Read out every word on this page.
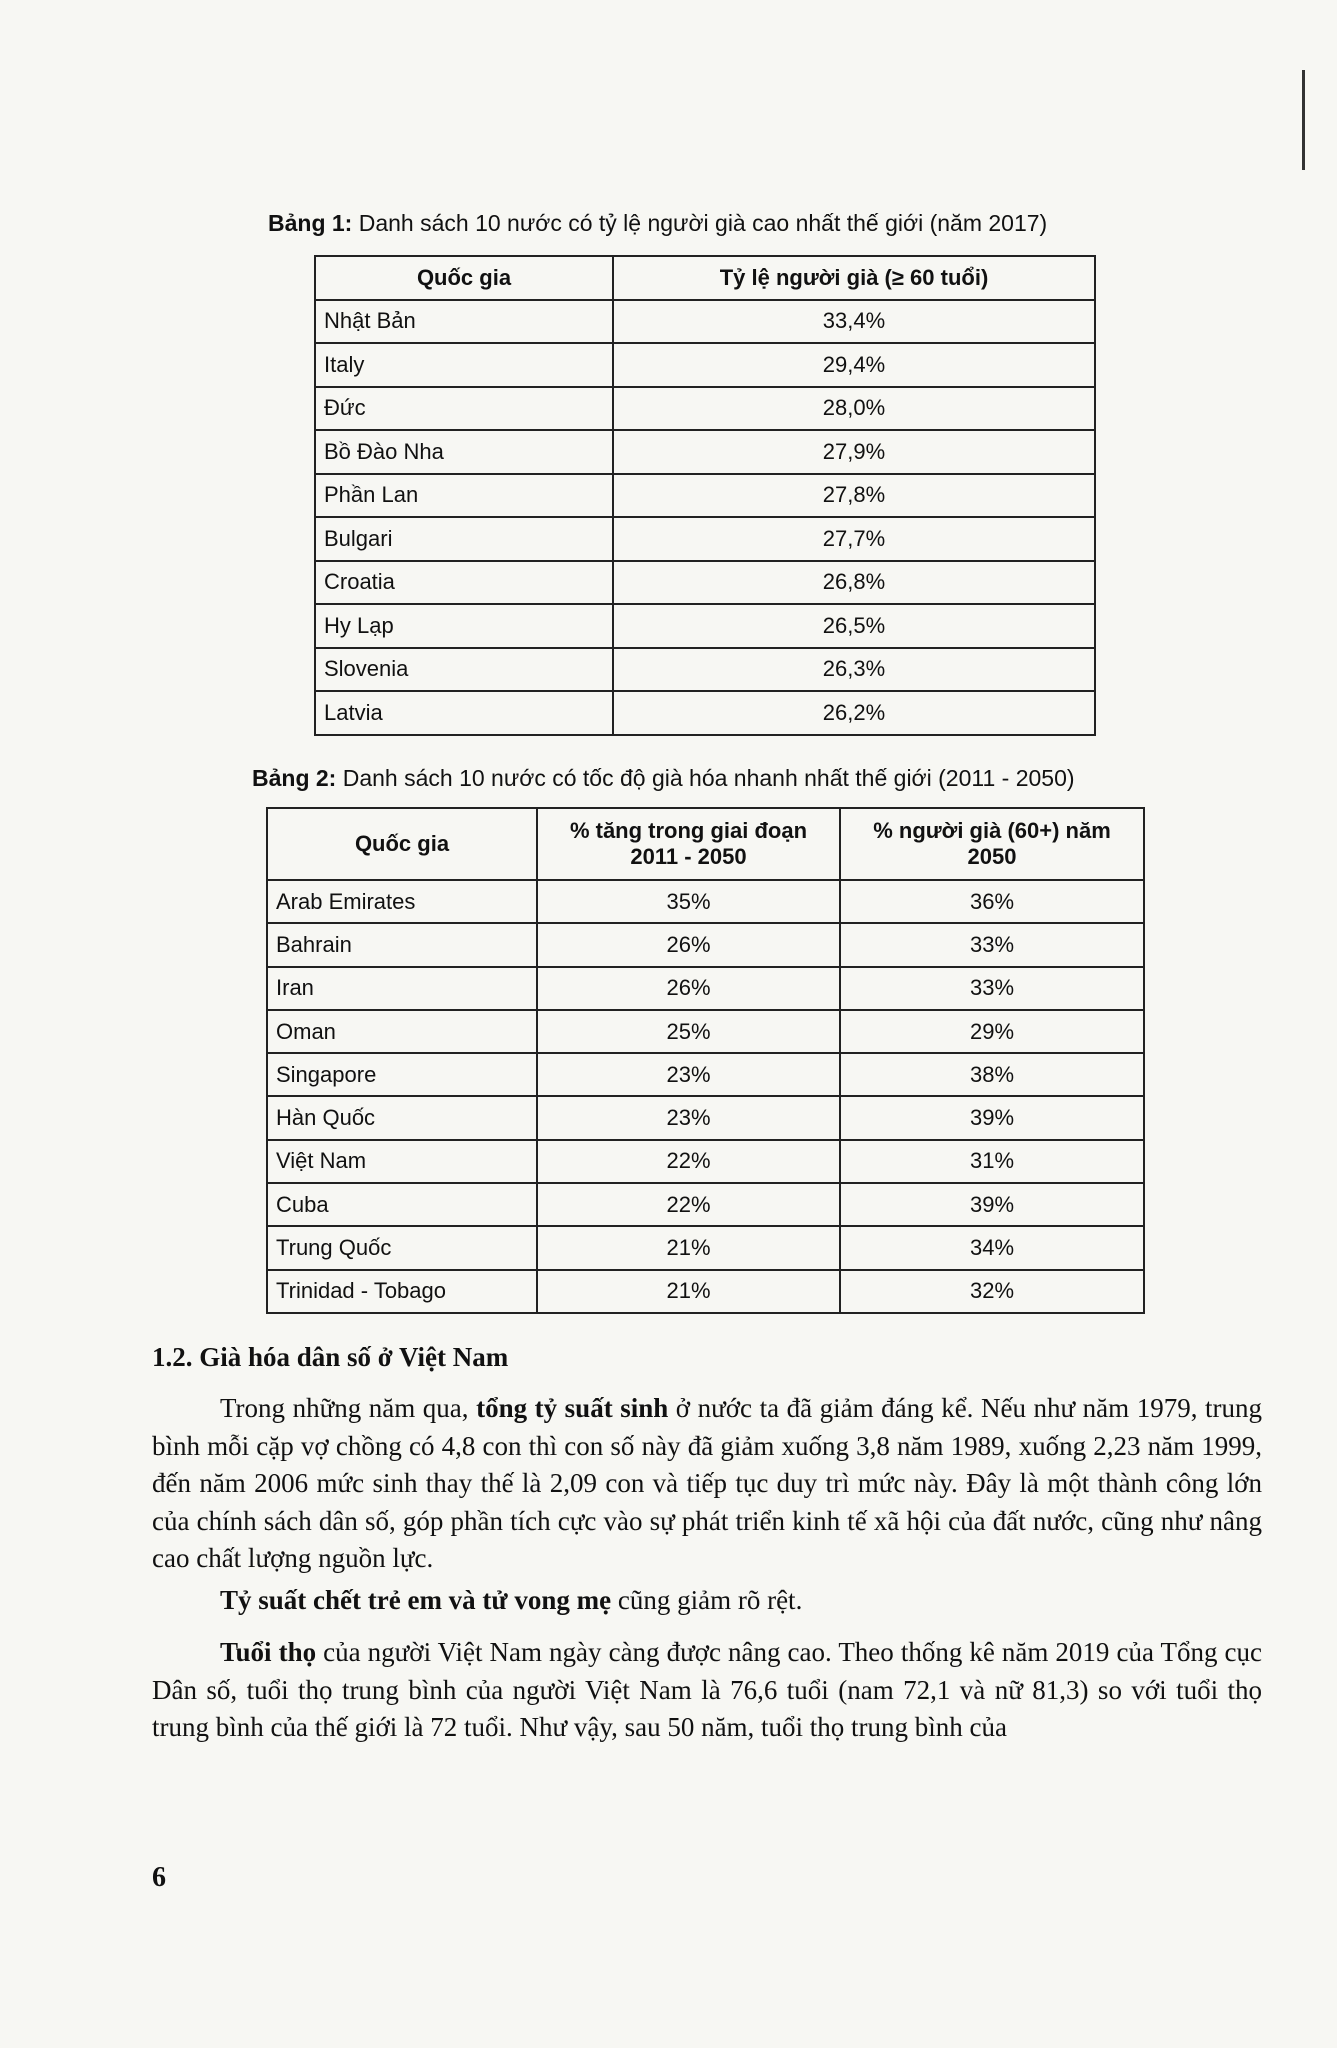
Bảng 1: Danh sách 10 nước có tỷ lệ người già cao nhất thế giới (năm 2017)
Quốc gia	Tỷ lệ người già (≥ 60 tuổi)
Nhật Bản	33,4%
Italy	29,4%
Đức	28,0%
Bồ Đào Nha	27,9%
Phần Lan	27,8%
Bulgari	27,7%
Croatia	26,8%
Hy Lạp	26,5%
Slovenia	26,3%
Latvia	26,2%
Bảng 2: Danh sách 10 nước có tốc độ già hóa nhanh nhất thế giới (2011 - 2050)
Quốc gia	% tăng trong giai đoạn 2011 - 2050	% người già (60+) năm 2050
Arab Emirates	35%	36%
Bahrain	26%	33%
Iran	26%	33%
Oman	25%	29%
Singapore	23%	38%
Hàn Quốc	23%	39%
Việt Nam	22%	31%
Cuba	22%	39%
Trung Quốc	21%	34%
Trinidad - Tobago	21%	32%
1.2. Già hóa dân số ở Việt Nam

Trong những năm qua, tổng tỷ suất sinh ở nước ta đã giảm đáng kể. Nếu như năm 1979, trung bình mỗi cặp vợ chồng có 4,8 con thì con số này đã giảm xuống 3,8 năm 1989, xuống 2,23 năm 1999, đến năm 2006 mức sinh thay thế là 2,09 con và tiếp tục duy trì mức này. Đây là một thành công lớn của chính sách dân số, góp phần tích cực vào sự phát triển kinh tế xã hội của đất nước, cũng như nâng cao chất lượng nguồn lực.

Tỷ suất chết trẻ em và tử vong mẹ cũng giảm rõ rệt.

Tuổi thọ của người Việt Nam ngày càng được nâng cao. Theo thống kê năm 2019 của Tổng cục Dân số, tuổi thọ trung bình của người Việt Nam là 76,6 tuổi (nam 72,1 và nữ 81,3) so với tuổi thọ trung bình của thế giới là 72 tuổi. Như vậy, sau 50 năm, tuổi thọ trung bình của

6
